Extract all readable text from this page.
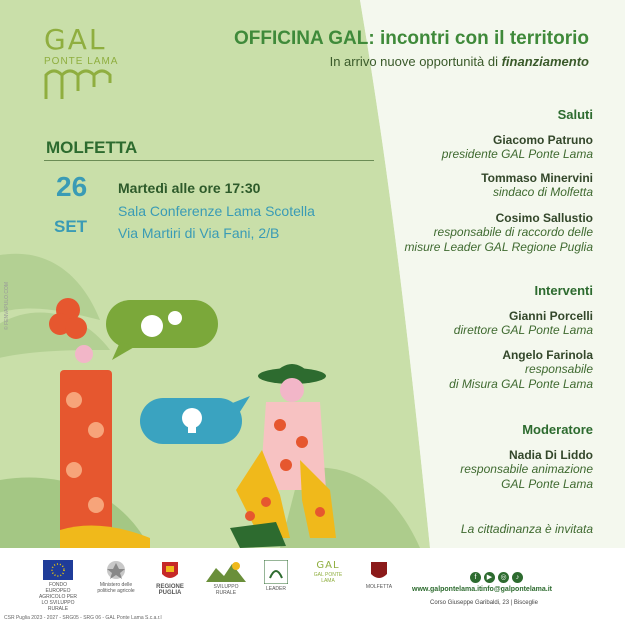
GAL
PONTE LAMA
OFFICINA GAL: incontri con il territorio
In arrivo nuove opportunità di finanziamento
MOLFETTA
26
SET
Martedì alle ore 17:30
Sala Conferenze Lama Scotella
Via Martiri di Via Fani, 2/B
Saluti
Giacomo Patruno
presidente GAL Ponte Lama
Tommaso Minervini
sindaco di Molfetta
Cosimo Sallustio
responsabile di raccordo delle
misure Leader GAL Regione Puglia
Interventi
Gianni Porcelli
direttore GAL Ponte Lama
Angelo Farinola
responsabile
di Misura GAL Ponte Lama
Moderatore
Nadia Di Liddo
responsabile animazione
GAL Ponte Lama
La cittadinanza è invitata
© FENVAPULO.COM
FONDO EUROPEO AGRICOLO PER LO SVILUPPO RURALE
Ministero delle politiche agricole
REGIONE PUGLIA
SVILUPPO RURALE
LEADER
GAL
GAL PONTE LAMA
MOLFETTA
f ▶ ◎ ♪
www.galpontelama.it info@galpontelama.it
Corso Giuseppe Garibaldi, 23 | Bisceglie
CSR Puglia 2023 - 2027 - SRG05 - SRG 06 - GAL Ponte Lama S.c.a.r.l
